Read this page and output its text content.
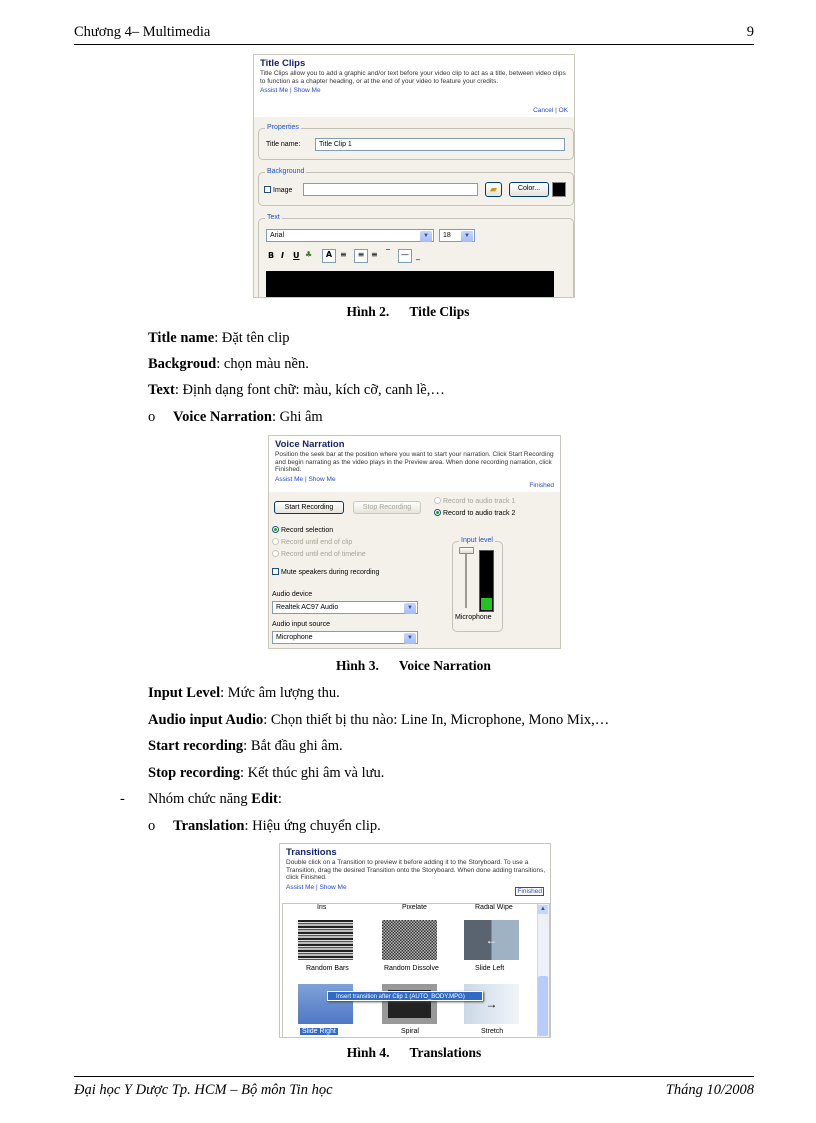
Chương 4– Multimedia	9
Title Clips
Title Clips allow you to add a graphic and/or text before your video clip to act as a title, between video clips to function as a chapter heading, or at the end of your video to feature your credits.
Assist Me | Show Me
Cancel | OK
Properties
Title name:	Title Clip 1
Background
Image	▰	Color...
Text
Arial	▼	18	▼
B I U ♣	A ≡	≡ ≡ ‾	— _
Hình 2. Title Clips
Title name: Đặt tên clip
Backgroud: chọn màu nền.
Text: Định dạng font chữ: màu, kích cỡ, canh lề,…
o Voice Narration: Ghi âm
Voice Narration
Position the seek bar at the position where you want to start your narration. Click Start Recording and begin narrating as the video plays in the Preview area. When done recording narration, click Finished.
Assist Me | Show Me
Finished
Start Recording	Stop Recording
Record to audio track 1
Record to audio track 2
Record selection
Record until end of clip
Record until end of timeline
Mute speakers during recording
Audio device
Realtek AC97 Audio	▼
Audio input source
Microphone	▼
Input level
Microphone
Hình 3. Voice Narration
Input Level: Mức âm lượng thu.
Audio input Audio: Chọn thiết bị thu nào: Line In, Microphone, Mono Mix,…
Start recording: Bắt đầu ghi âm.
Stop recording: Kết thúc ghi âm và lưu.
- Nhóm chức năng Edit:
o Translation: Hiệu ứng chuyển clip.
Transitions
Double click on a Transition to preview it before adding it to the Storyboard. To use a Transition, drag the desired Transition onto the Storyboard. When done adding transitions, click Finished.
Assist Me | Show Me
Finished
Iris	Pixelate	Radial Wipe
←
Random Bars	Random Dissolve	Slide Left
→
Slide Right	Spiral	Stretch
Insert transition after Clip 1 (AUTO_BODY.MPG)
▲
Hình 4. Translations
Đại học Y Dược Tp. HCM – Bộ môn Tin học	Tháng 10/2008
